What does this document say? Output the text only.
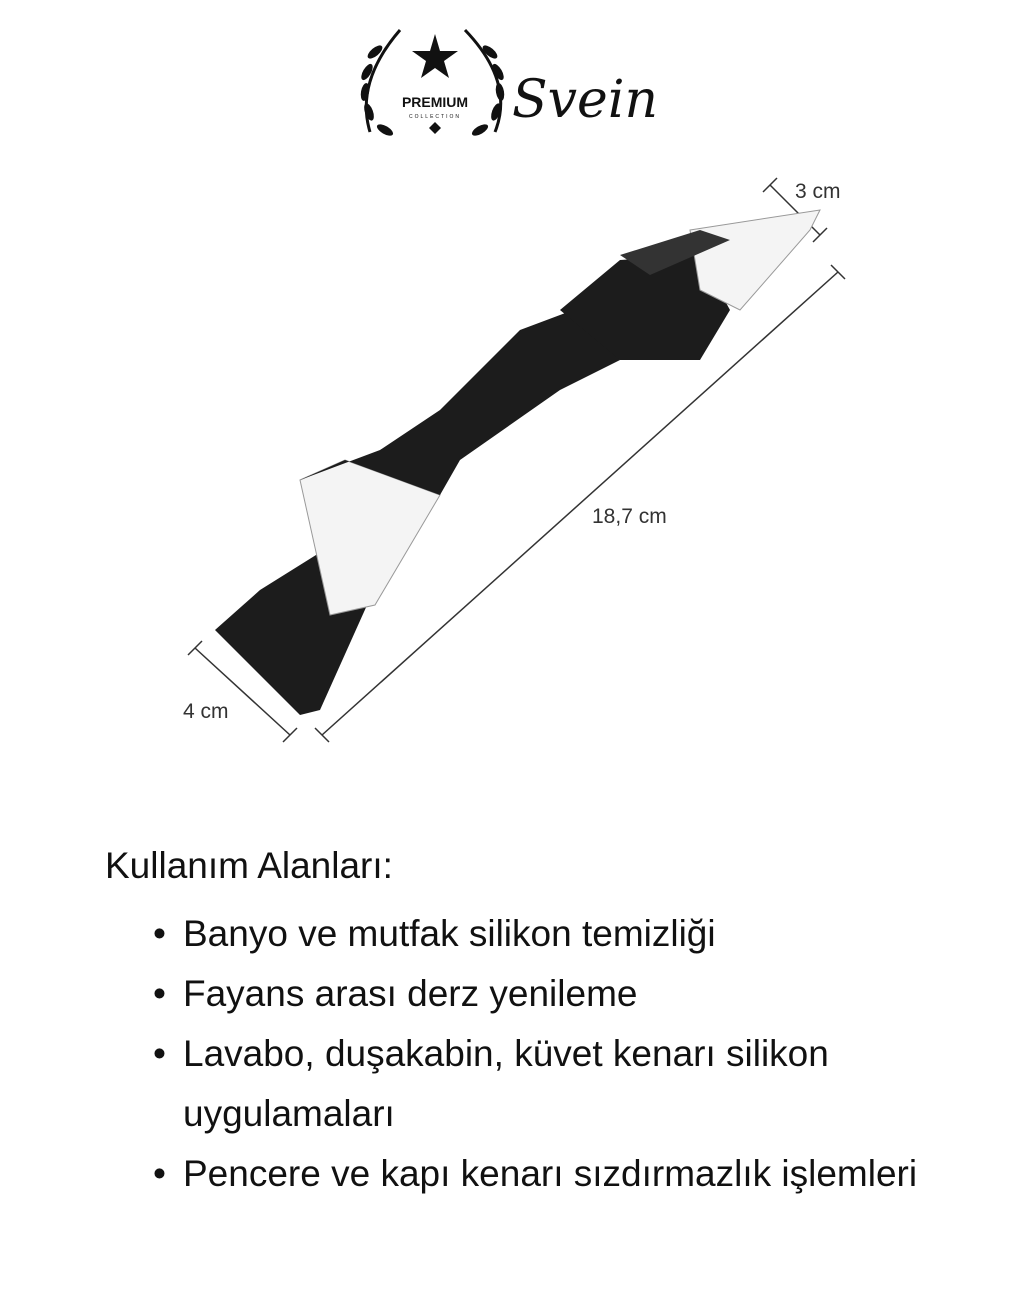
PREMIUM
COLLECTION Svein
3 cm
18,7 cm
4 cm
Kullanım Alanları:
• Banyo ve mutfak silikon temizliği
• Fayans arası derz yenileme
• Lavabo, duşakabin, küvet kenarı silikon uygulamaları
• Pencere ve kapı kenarı sızdırmazlık işlemleri
